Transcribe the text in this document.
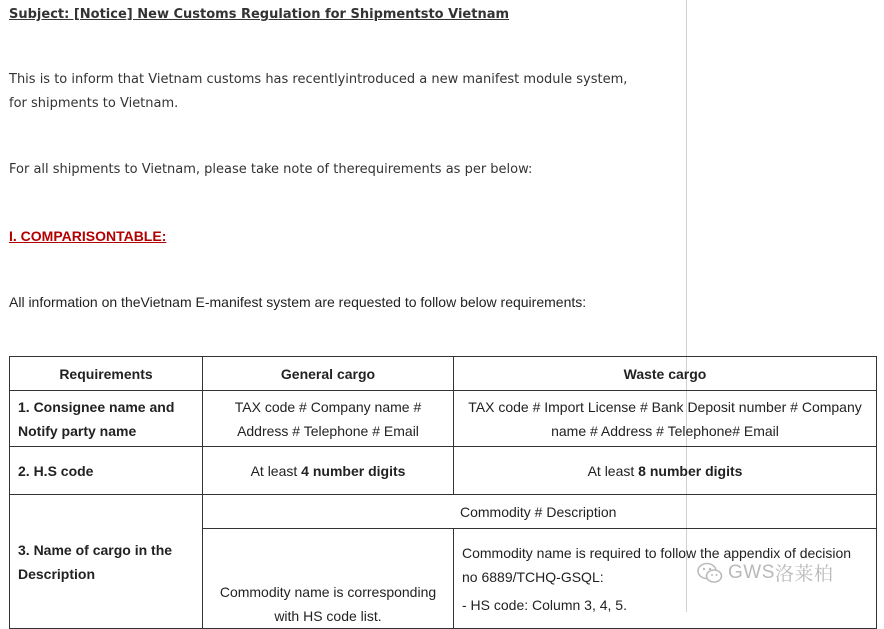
Subject: [Notice] New Customs Regulation for Shipmentsto Vietnam

This is to inform that Vietnam customs has recentlyintroduced a new manifest module system, for shipments to Vietnam.

For all shipments to Vietnam, please take note of therequirements as per below:

I. COMPARISONTABLE:

All information on theVietnam E-manifest system are requested to follow below requirements:

Requirements	General cargo	Waste cargo
1. Consignee name and Notify party name	TAX code # Company name # Address # Telephone # Email	TAX code # Import License # Bank Deposit number # Company name # Address # Telephone# Email
2. H.S code	At least 4 number digits	At least 8 number digits
3. Name of cargo in the Description	Commodity # Description	
	Commodity name is corresponding with HS code list.	Commodity name is required to follow the appendix of decision no 6889/TCHQ-GSQL:
- HS code: Column 3, 4, 5.
GWS 洛莱柏
